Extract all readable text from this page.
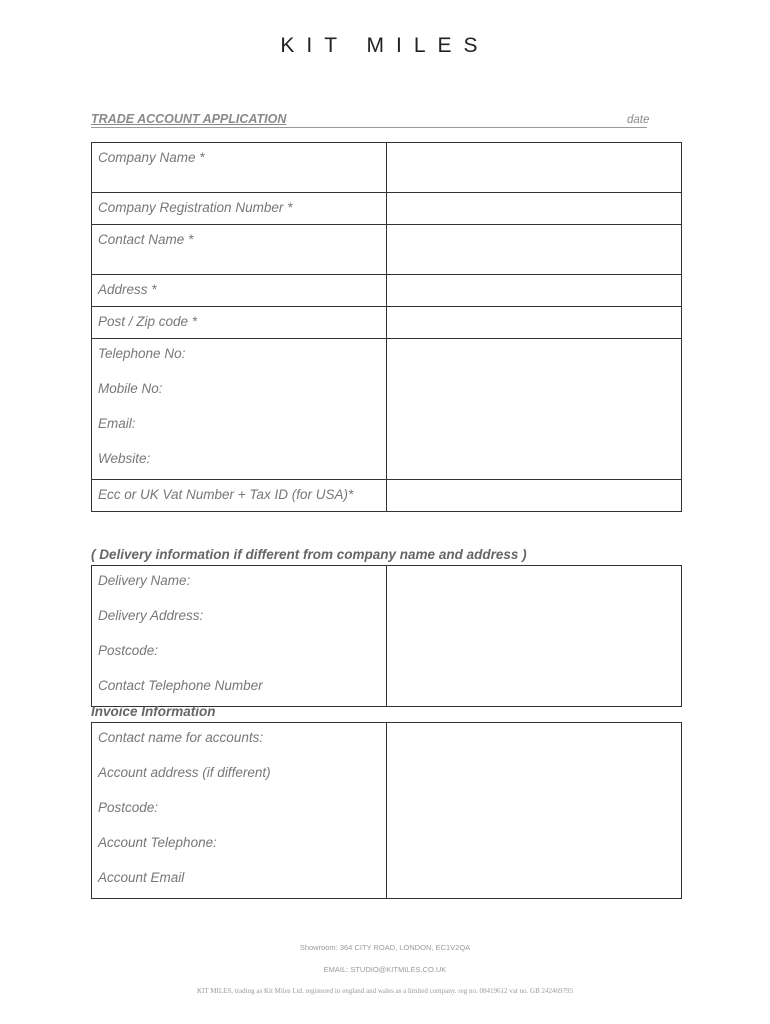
KIT MILES
TRADE ACCOUNT APPLICATION	date
Company Name *	

Company Registration Number *	

Contact Name *	

Address *	

Post / Zip code *	

Telephone No:
Mobile No:
Email:
Website:	

Ecc or UK Vat Number + Tax ID (for USA)*	

( Delivery information if different from company name and address )
Delivery Name:
Delivery Address:
Postcode:
Contact Telephone Number

Invoice Information
Contact name for accounts:
Account address (if different)
Postcode:
Account Telephone:
Account Email

Showroom: 364 CITY ROAD, LONDON, EC1V2QA
EMAIL: STUDIO@KITMILES.CO.UK
KIT MILES, trading as Kit Miles Ltd. registered in england and wales as a limited company. reg no. 08419612 vat no. GB 242469795
